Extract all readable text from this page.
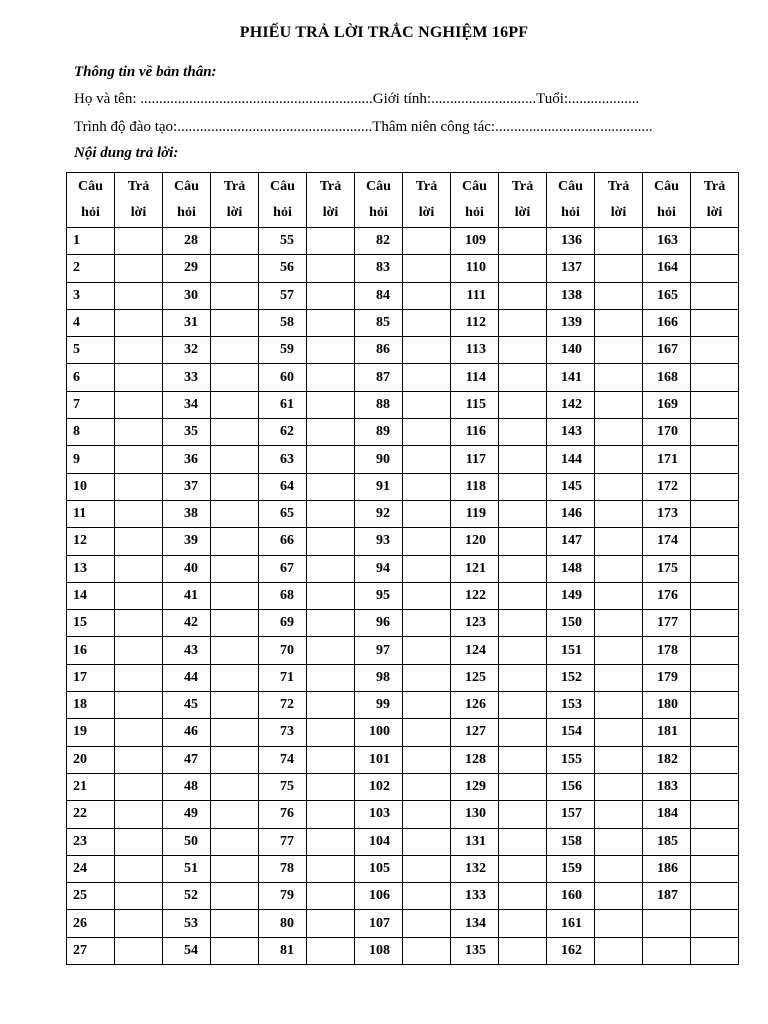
PHIẾU TRẢ LỜI TRẮC NGHIỆM 16PF
Thông tin về bản thân:
Họ và tên: ..............................................................Giới tính:............................Tuổi:...................
Trình độ đào tạo:....................................................Thâm niên công tác:..........................................
Nội dung trả lời:
Câu
hỏi	Trả
lời	Câu
hỏi	Trả
lời	Câu
hỏi	Trả
lời	Câu
hỏi	Trả
lời	Câu
hỏi	Trả
lời	Câu
hỏi	Trả
lời	Câu
hỏi	Trả
lời

1		28		55		82		109		136		163	
2		29		56		83		110		137		164	
3		30		57		84		111		138		165	
4		31		58		85		112		139		166	
5		32		59		86		113		140		167	
6		33		60		87		114		141		168	
7		34		61		88		115		142		169	
8		35		62		89		116		143		170	
9		36		63		90		117		144		171	
10		37		64		91		118		145		172	
11		38		65		92		119		146		173	
12		39		66		93		120		147		174	
13		40		67		94		121		148		175	
14		41		68		95		122		149		176	
15		42		69		96		123		150		177	
16		43		70		97		124		151		178	
17		44		71		98		125		152		179	
18		45		72		99		126		153		180	
19		46		73		100		127		154		181	
20		47		74		101		128		155		182	
21		48		75		102		129		156		183	
22		49		76		103		130		157		184	
23		50		77		104		131		158		185	
24		51		78		105		132		159		186	
25		52		79		106		133		160		187	
26		53		80		107		134		161			
27		54		81		108		135		162			
